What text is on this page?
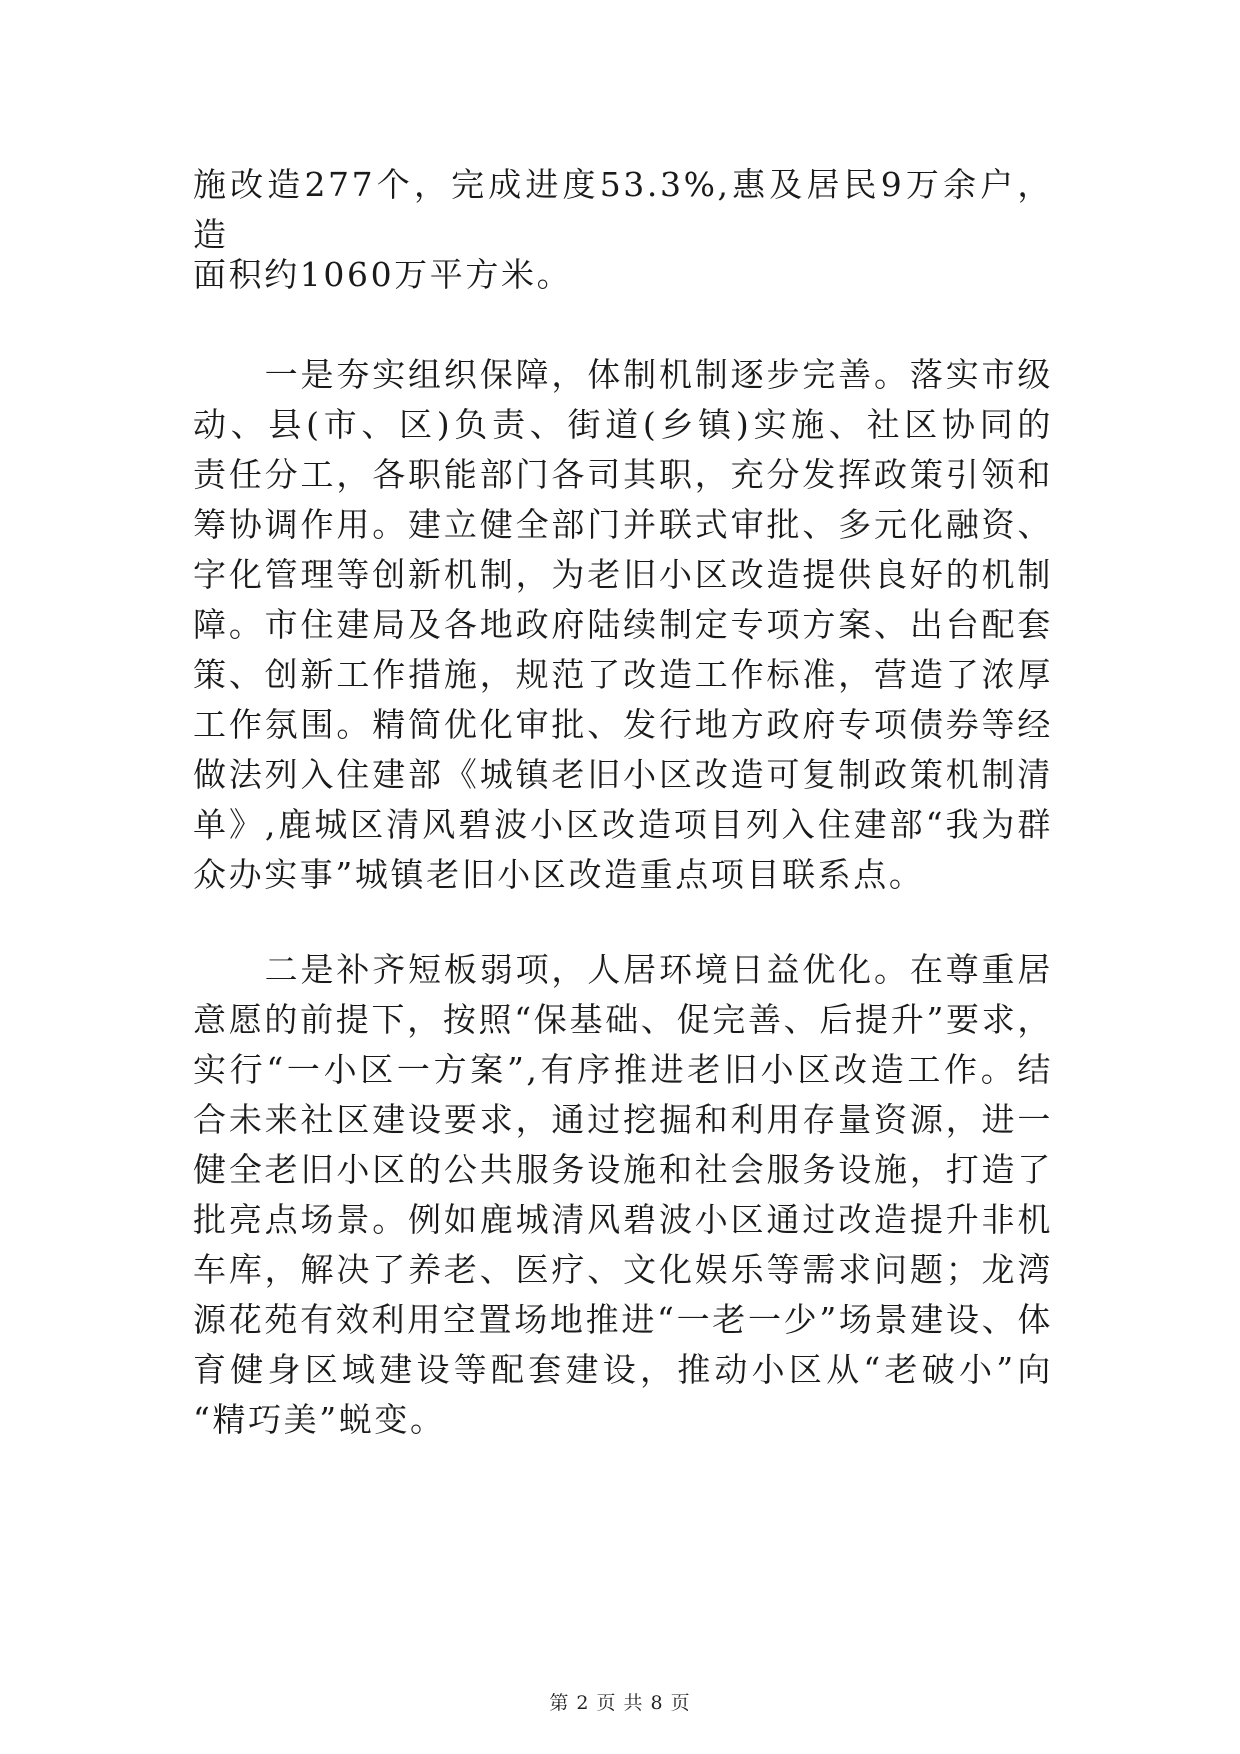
施改造277个，完成进度53.3%,惠及居民9万余户，
造
面积约1060万平方米。
　　一是夯实组织保障，体制机制逐步完善。落实市级
动、县(市、区)负责、街道(乡镇)实施、社区协同的
责任分工，各职能部门各司其职，充分发挥政策引领和
筹协调作用。建立健全部门并联式审批、多元化融资、
字化管理等创新机制，为老旧小区改造提供良好的机制
障。市住建局及各地政府陆续制定专项方案、出台配套
策、创新工作措施，规范了改造工作标准，营造了浓厚
工作氛围。精简优化审批、发行地方政府专项债券等经
做法列入住建部《城镇老旧小区改造可复制政策机制清
单》,鹿城区清风碧波小区改造项目列入住建部“我为群
众办实事”城镇老旧小区改造重点项目联系点。
　　二是补齐短板弱项，人居环境日益优化。在尊重居
意愿的前提下，按照“保基础、促完善、后提升”要求，
实行“一小区一方案”,有序推进老旧小区改造工作。结
合未来社区建设要求，通过挖掘和利用存量资源，进一
健全老旧小区的公共服务设施和社会服务设施，打造了
批亮点场景。例如鹿城清风碧波小区通过改造提升非机
车库，解决了养老、医疗、文化娱乐等需求问题；龙湾
源花苑有效利用空置场地推进“一老一少”场景建设、体
育健身区域建设等配套建设，推动小区从“老破小”向
“精巧美”蜕变。
第 2 页 共 8 页
